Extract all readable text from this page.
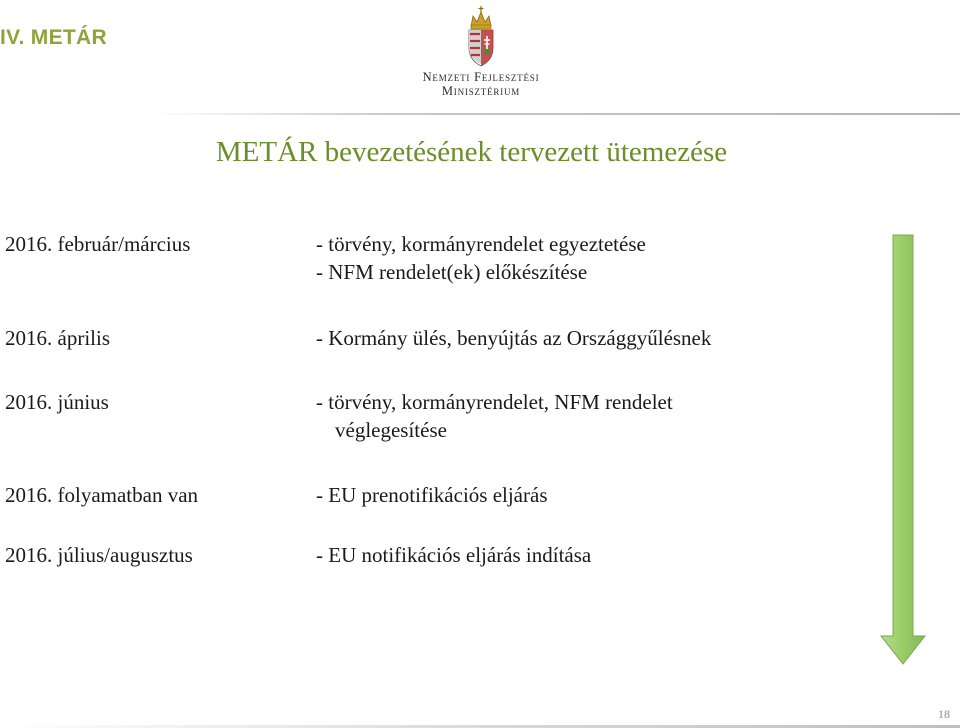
IV. METÁR
Nemzeti Fejlesztési
Minisztérium
METÁR bevezetésének tervezett ütemezése
2016. február/március	- törvény, kormányrendelet egyeztetése
- NFM rendelet(ek) előkészítése
2016. április	- Kormány ülés, benyújtás az Országgyűlésnek
2016. június	- törvény, kormányrendelet, NFM rendelet
véglegesítése
2016. folyamatban van	- EU prenotifikációs eljárás
2016. július/augusztus	- EU notifikációs eljárás indítása
18
